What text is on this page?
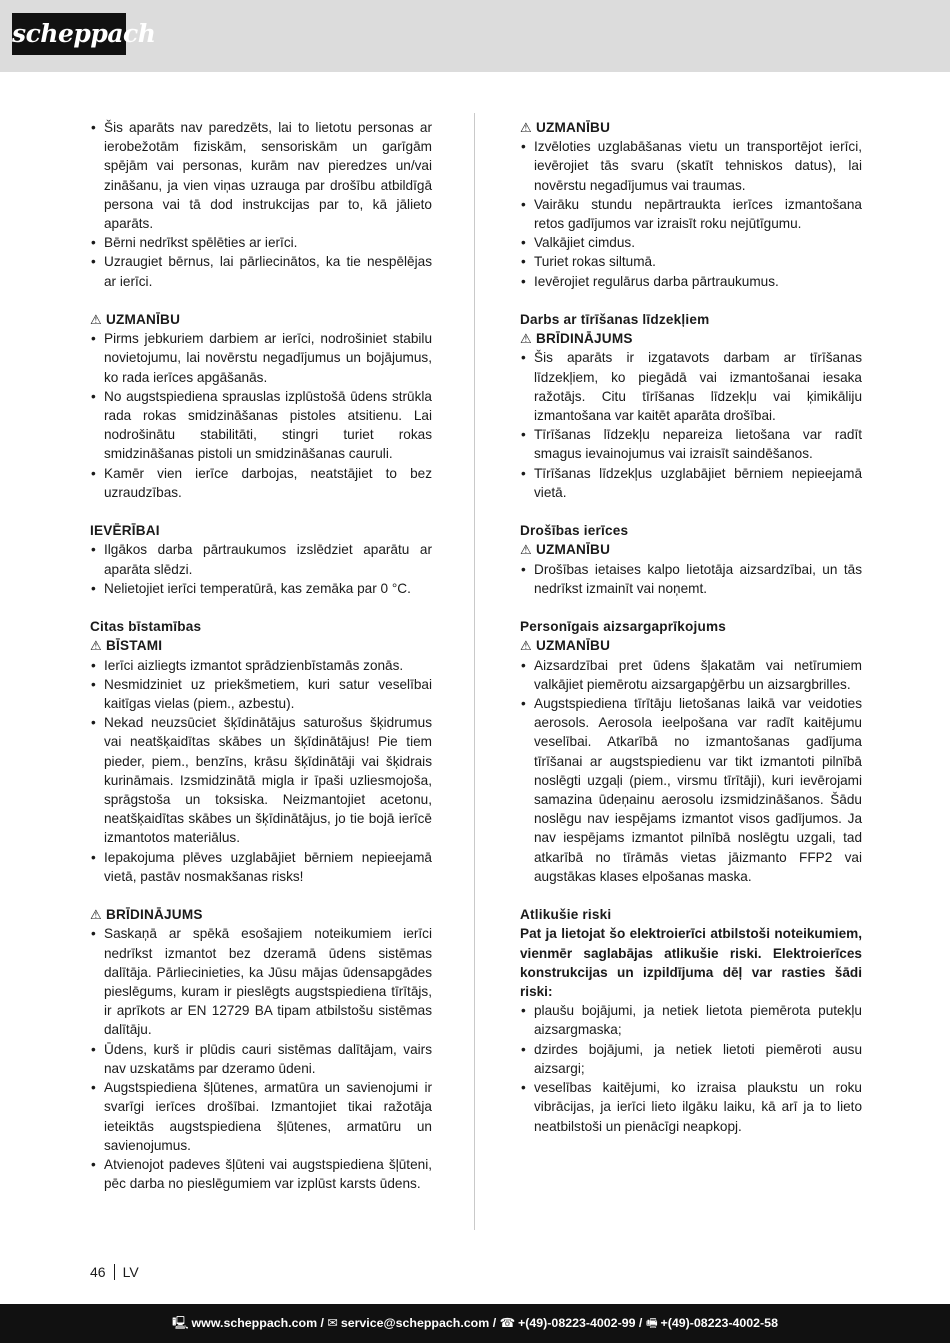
scheppach
• Šis aparāts nav paredzēts, lai to lietotu personas ar ierobežotām fiziskām, sensoriskām un garīgām spējām vai personas, kurām nav pieredzes un/vai zināšanu, ja vien viņas uzrauga par drošību atbildīgā persona vai tā dod instrukcijas par to, kā jālieto aparāts.
• Bērni nedrīkst spēlēties ar ierīci.
• Uzraugiet bērnus, lai pārliecinātos, ka tie nespēlējas ar ierīci.
⚠ UZMANĪBU
• Pirms jebkuriem darbiem ar ierīci, nodrošiniet stabilu novietojumu, lai novērstu negadījumus un bojājumus, ko rada ierīces apgāšanās.
• No augstspiediena sprauslas izplūstošā ūdens strūkla rada rokas smidzināšanas pistoles atsitienu. Lai nodrošinātu stabilitāti, stingri turiet rokas smidzināšanas pistoli un smidzināšanas cauruli.
• Kamēr vien ierīce darbojas, neatstājiet to bez uzraudzības.
IEVĒRĪBAI
• Ilgākos darba pārtraukumos izslēdziet aparātu ar aparāta slēdzi.
• Nelietojiet ierīci temperatūrā, kas zemāka par 0 °C.
Citas bīstamības
⚠ BĪSTAMI
• Ierīci aizliegts izmantot sprādzienbīstamās zonās.
• Nesmidziniet uz priekšmetiem, kuri satur veselībai kaitīgas vielas (piem., azbestu).
• Nekad neuzsūciet šķīdinātājus saturošus šķidrumus vai neatšķaidītas skābes un šķīdinātājus! Pie tiem pieder, piem., benzīns, krāsu šķīdinātāji vai šķidrais kurināmais. Izsmidzinātā migla ir īpaši uzliesmojoša, sprāgstoša un toksiska. Neizmantojiet acetonu, neatšķaidītas skābes un šķīdinātājus, jo tie bojā ierīcē izmantotos materiālus.
• Iepakojuma plēves uzglabājiet bērniem nepieejamā vietā, pastāv nosmakšanas risks!
⚠ BRĪDINĀJUMS
• Saskaņā ar spēkā esošajiem noteikumiem ierīci nedrīkst izmantot bez dzeramā ūdens sistēmas dalītāja. Pārliecinieties, ka Jūsu mājas ūdensapgādes pieslēgums, kuram ir pieslēgts augstspiediena tīrītājs, ir aprīkots ar EN 12729 BA tipam atbilstošu sistēmas dalītāju.
• Ūdens, kurš ir plūdis cauri sistēmas dalītājam, vairs nav uzskatāms par dzeramo ūdeni.
• Augstspiediena šļūtenes, armatūra un savienojumi ir svarīgi ierīces drošībai. Izmantojiet tikai ražotāja ieteiktās augstspiediena šļūtenes, armatūru un savienojumus.
• Atvienojot padeves šļūteni vai augstspiediena šļūteni, pēc darba no pieslēgumiem var izplūst karsts ūdens.
⚠ UZMANĪBU
• Izvēloties uzglabāšanas vietu un transportējot ierīci, ievērojiet tās svaru (skatīt tehniskos datus), lai novērstu negadījumus vai traumas.
• Vairāku stundu nepārtraukta ierīces izmantošana retos gadījumos var izraisīt roku nejūtīgumu.
• Valkājiet cimdus.
• Turiet rokas siltumā.
• Ievērojiet regulārus darba pārtraukumus.
Darbs ar tīrīšanas līdzekļiem
⚠ BRĪDINĀJUMS
• Šis aparāts ir izgatavots darbam ar tīrīšanas līdzekļiem, ko piegādā vai izmantošanai iesaka ražotājs. Citu tīrīšanas līdzekļu vai ķimikāliju izmantošana var kaitēt aparāta drošībai.
• Tīrīšanas līdzekļu nepareiza lietošana var radīt smagus ievainojumus vai izraisīt saindēšanos.
• Tīrīšanas līdzekļus uzglabājiet bērniem nepieejamā vietā.
Drošības ierīces
⚠ UZMANĪBU
• Drošības ietaises kalpo lietotāja aizsardzībai, un tās nedrīkst izmainīt vai noņemt.
Personīgais aizsargaprīkojums
⚠ UZMANĪBU
• Aizsardzībai pret ūdens šļakatām vai netīrumiem valkājiet piemērotu aizsargapģērbu un aizsargbrilles.
• Augstspiediena tīrītāju lietošanas laikā var veidoties aerosols. Aerosola ieelpošana var radīt kaitējumu veselībai. Atkarībā no izmantošanas gadījuma tīrīšanai ar augstspiedienu var tikt izmantoti pilnībā noslēgti uzgaļi (piem., virsmu tīrītāji), kuri ievērojami samazina ūdeņainu aerosolu izsmidzināšanos. Šādu noslēgu nav iespējams izmantot visos gadījumos. Ja nav iespējams izmantot pilnībā noslēgtu uzgali, tad atkarībā no tīrāmās vietas jāizmanto FFP2 vai augstākas klases elpošanas maska.
Atlikušie riski

Pat ja lietojat šo elektroierīci atbilstoši noteikumiem, vienmēr saglabājas atlikušie riski. Elektroierīces konstrukcijas un izpildījuma dēļ var rasties šādi riski:

• plaušu bojājumi, ja netiek lietota piemērota putekļu aizsargmaska;
• dzirdes bojājumi, ja netiek lietoti piemēroti ausu aizsargi;
• veselības kaitējumi, ko izraisa plaukstu un roku vibrācijas, ja ierīci lieto ilgāku laiku, kā arī ja to lieto neatbilstoši un pienācīgi neapkopj.
46 LV
🖳 www.scheppach.com / ✉ service@scheppach.com / ☎ +(49)-08223-4002-99 / 🖷 +(49)-08223-4002-58
